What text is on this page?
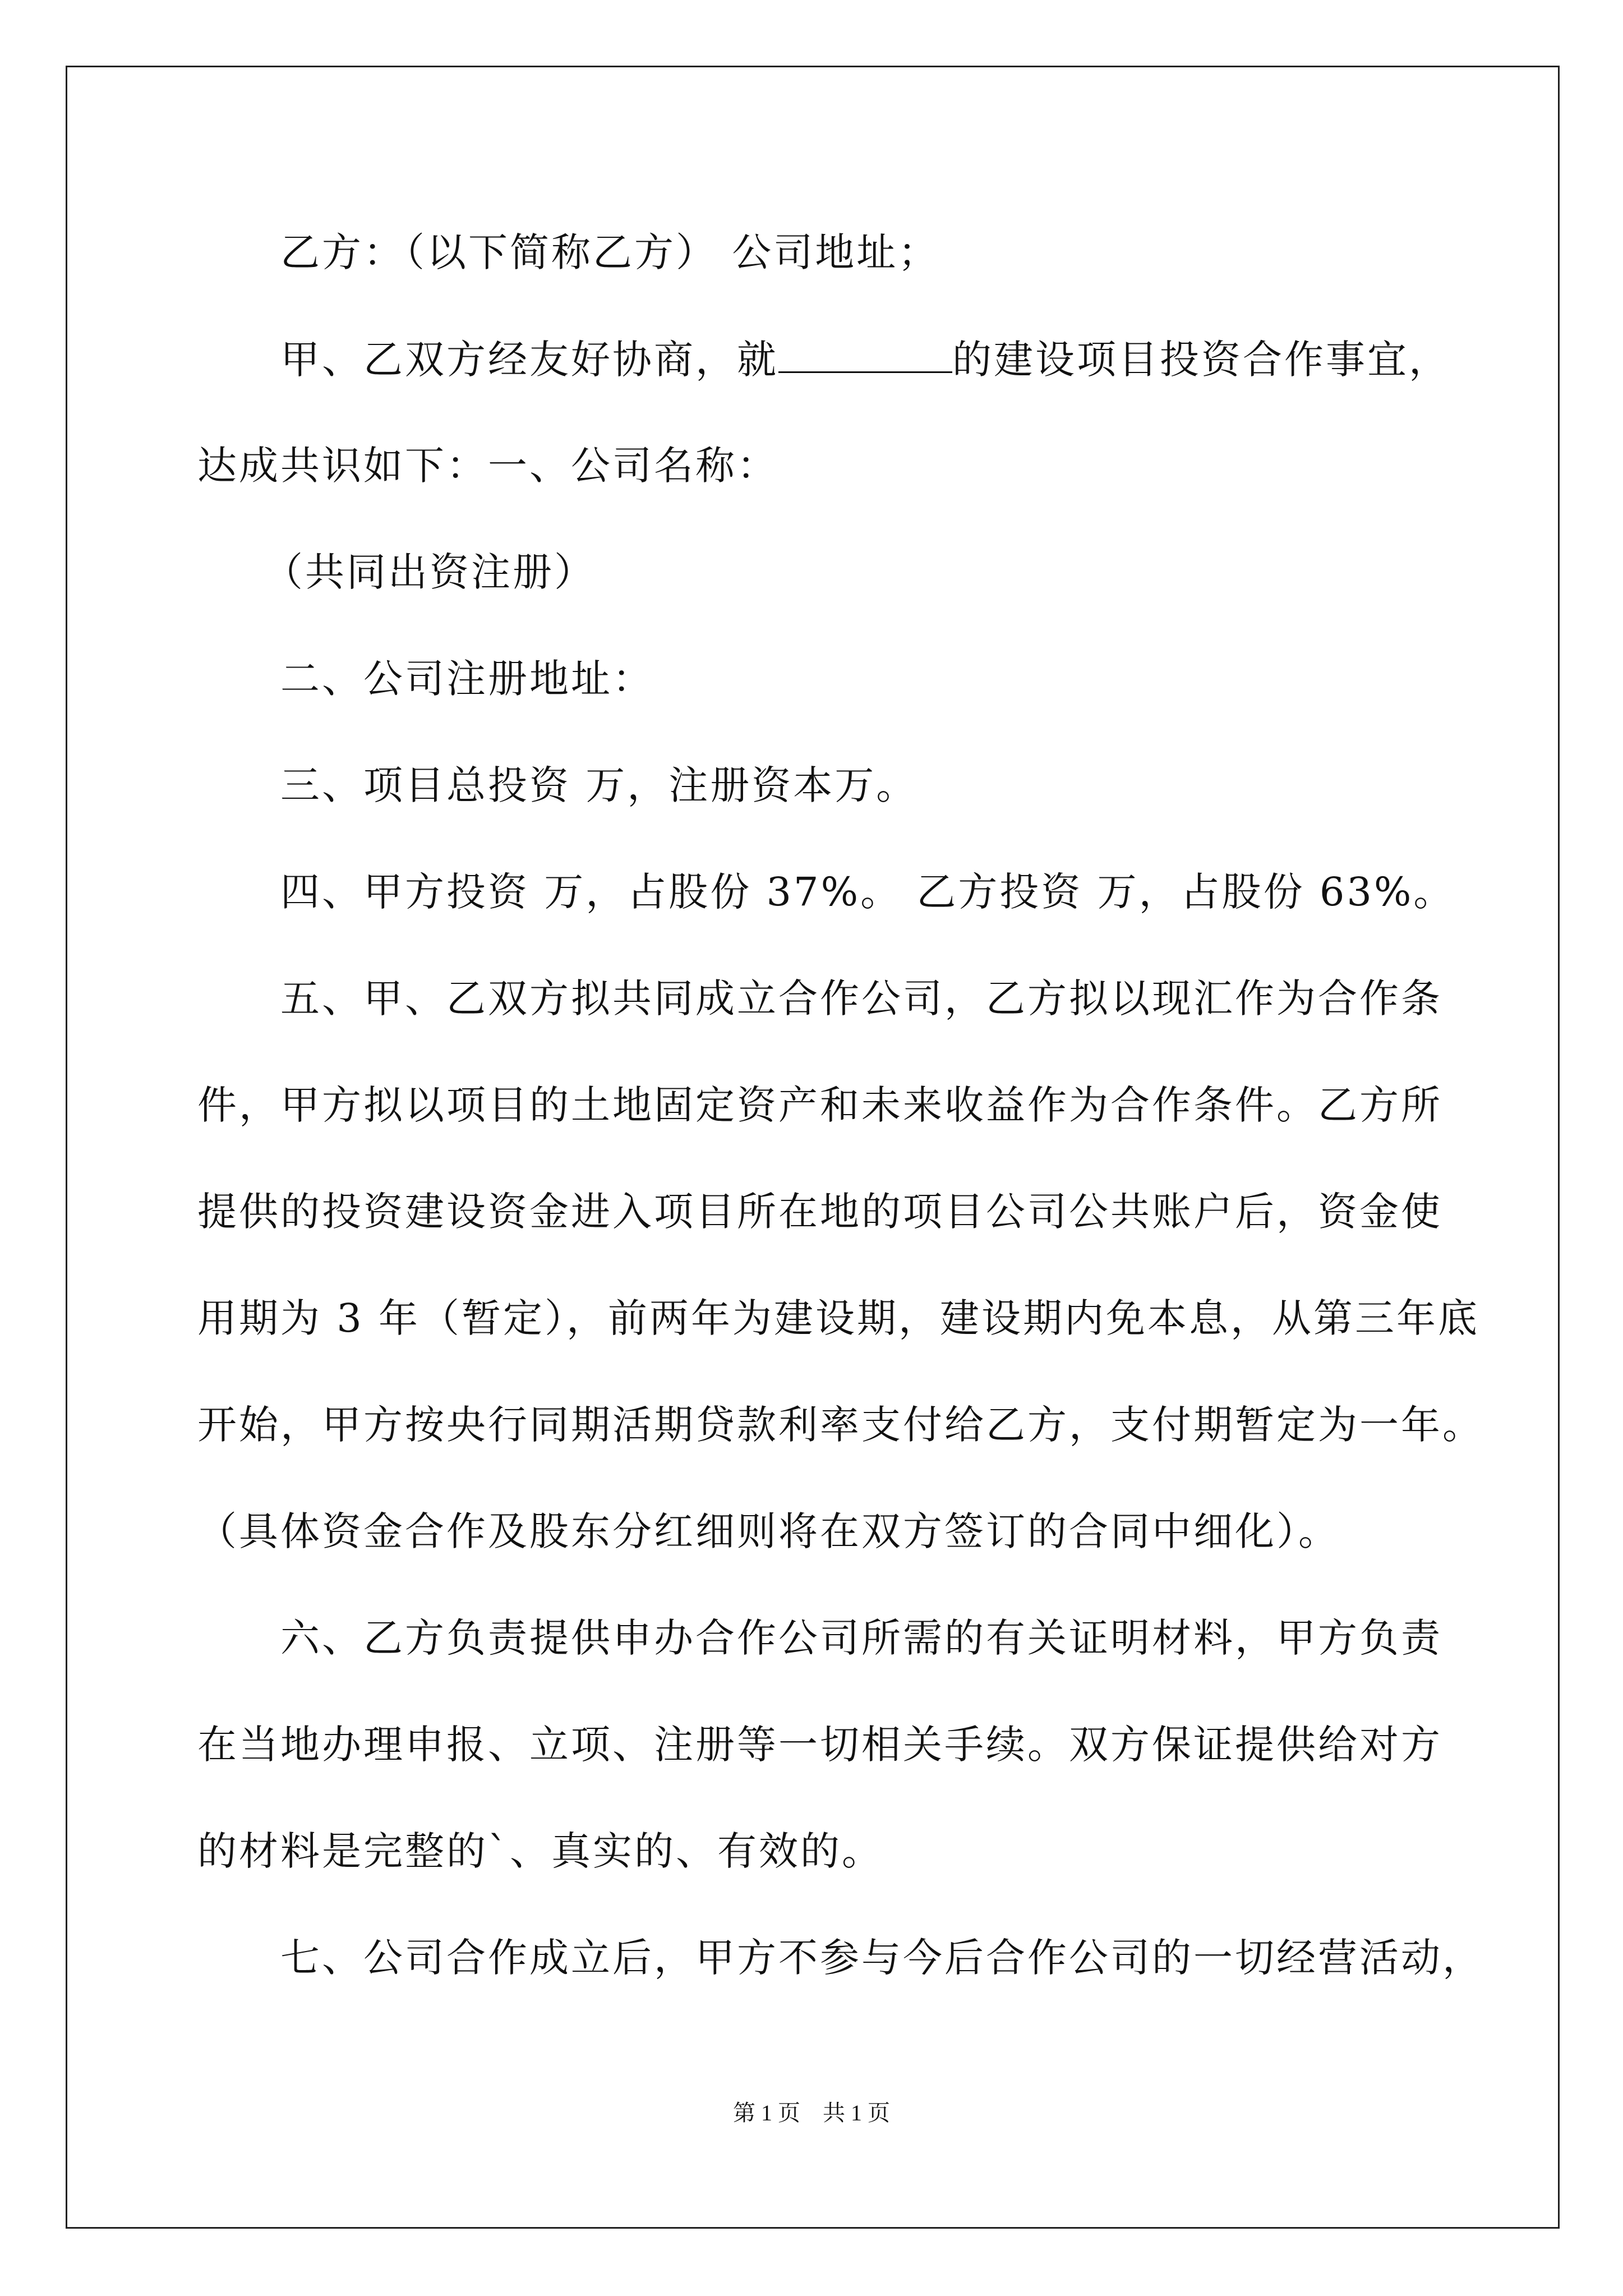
乙方：（以下简称乙方） 公司地址；
甲、乙双方经友好协商，就	的建设项目投资合作事宜，
达成共识如下：一、公司名称：
（共同出资注册）
二、公司注册地址：
三、项目总投资 万，注册资本万。
四、甲方投资 万，占股份 37%。 乙方投资 万，占股份 63%。
五、甲、乙双方拟共同成立合作公司，乙方拟以现汇作为合作条
件，甲方拟以项目的土地固定资产和未来收益作为合作条件。乙方所
提供的投资建设资金进入项目所在地的项目公司公共账户后，资金使
用期为 3 年（暂定），前两年为建设期，建设期内免本息，从第三年底
开始，甲方按央行同期活期贷款利率支付给乙方，支付期暂定为一年。
（具体资金合作及股东分红细则将在双方签订的合同中细化）。
六、乙方负责提供申办合作公司所需的有关证明材料，甲方负责
在当地办理申报、立项、注册等一切相关手续。双方保证提供给对方
的材料是完整的`、真实的、有效的。
七、公司合作成立后，甲方不参与今后合作公司的一切经营活动，
第 1 页　共 1 页
